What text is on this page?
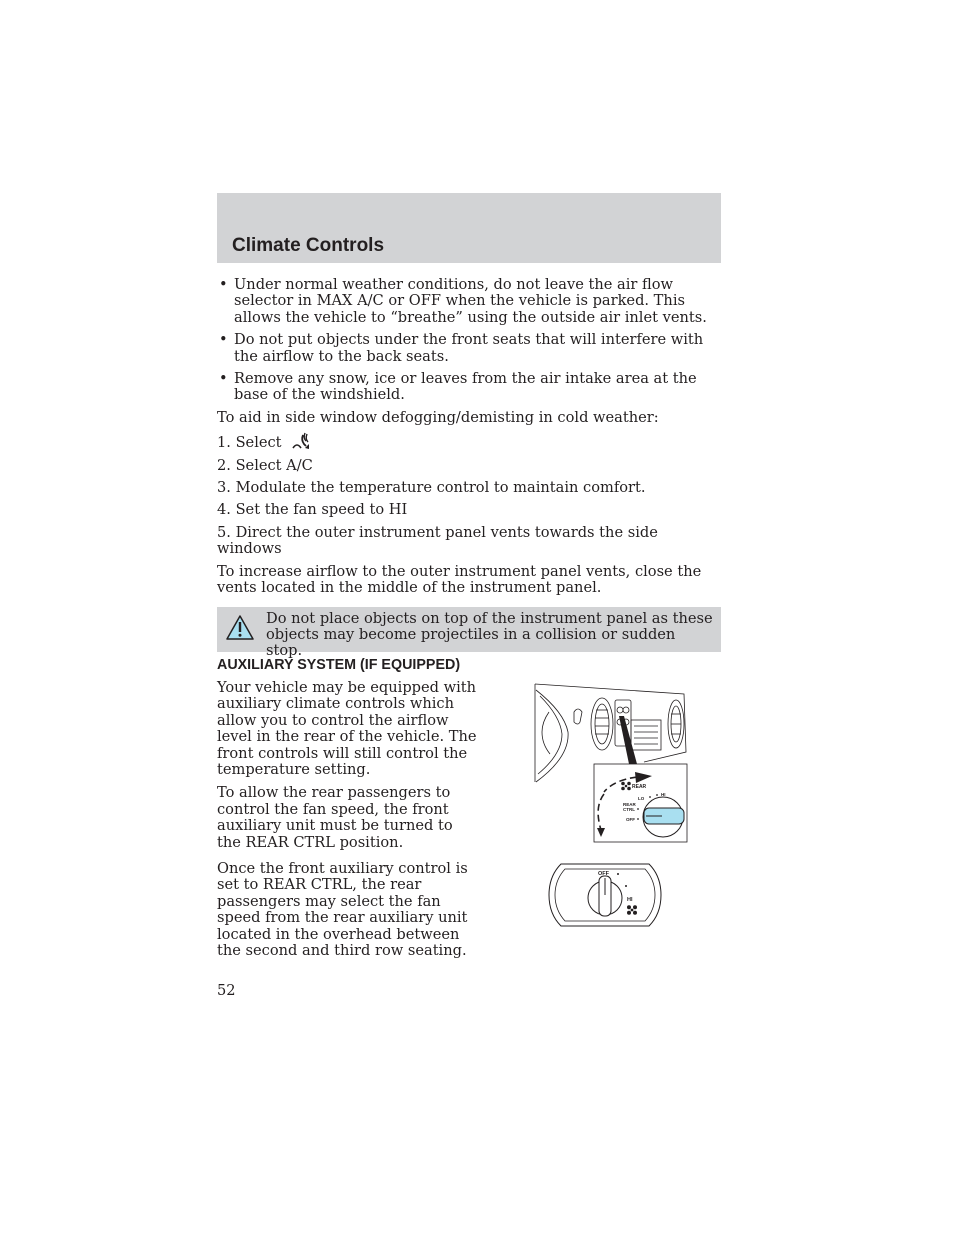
Climate Controls
• Under normal weather conditions, do not leave the air flow selector in MAX A/C or OFF when the vehicle is parked. This allows the vehicle to “breathe” using the outside air inlet vents.
• Do not put objects under the front seats that will interfere with the airflow to the back seats.
• Remove any snow, ice or leaves from the air intake area at the base of the windshield.

To aid in side window defogging/demisting in cold weather:

1. Select
2. Select A/C
3. Modulate the temperature control to maintain comfort.
4. Set the fan speed to HI
5. Direct the outer instrument panel vents towards the side windows

To increase airflow to the outer instrument panel vents, close the vents located in the middle of the instrument panel.

Do not place objects on top of the instrument panel as these objects may become projectiles in a collision or sudden stop.
AUXILIARY SYSTEM (IF EQUIPPED)

Your vehicle may be equipped with auxiliary climate controls which allow you to control the airflow level in the rear of the vehicle. The front controls will still control the temperature setting.

To allow the rear passengers to control the fan speed, the front auxiliary unit must be turned to the REAR CTRL position.

Once the front auxiliary control is set to REAR CTRL, the rear passengers may select the fan speed from the rear auxiliary unit located in the overhead between the second and third row seating.

REAR
LO
HI
REAR
CTRL
OFF
OFF
HI
52
